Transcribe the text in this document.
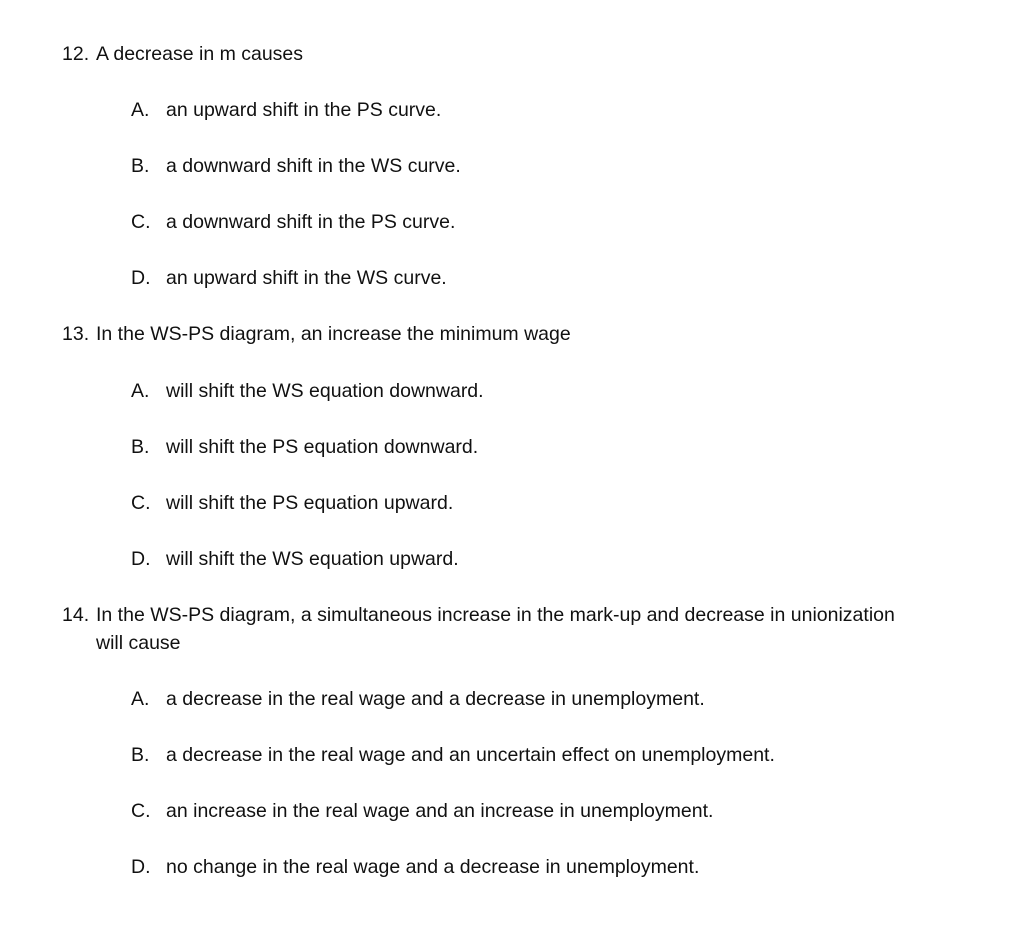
12. A decrease in m causes
A. an upward shift in the PS curve.
B. a downward shift in the WS curve.
C. a downward shift in the PS curve.
D. an upward shift in the WS curve.
13. In the WS-PS diagram, an increase the minimum wage
A. will shift the WS equation downward.
B. will shift the PS equation downward.
C. will shift the PS equation upward.
D. will shift the WS equation upward.
14. In the WS-PS diagram, a simultaneous increase in the mark-up and decrease in unionization
will cause
A. a decrease in the real wage and a decrease in unemployment.
B. a decrease in the real wage and an uncertain effect on unemployment.
C. an increase in the real wage and an increase in unemployment.
D. no change in the real wage and a decrease in unemployment.
